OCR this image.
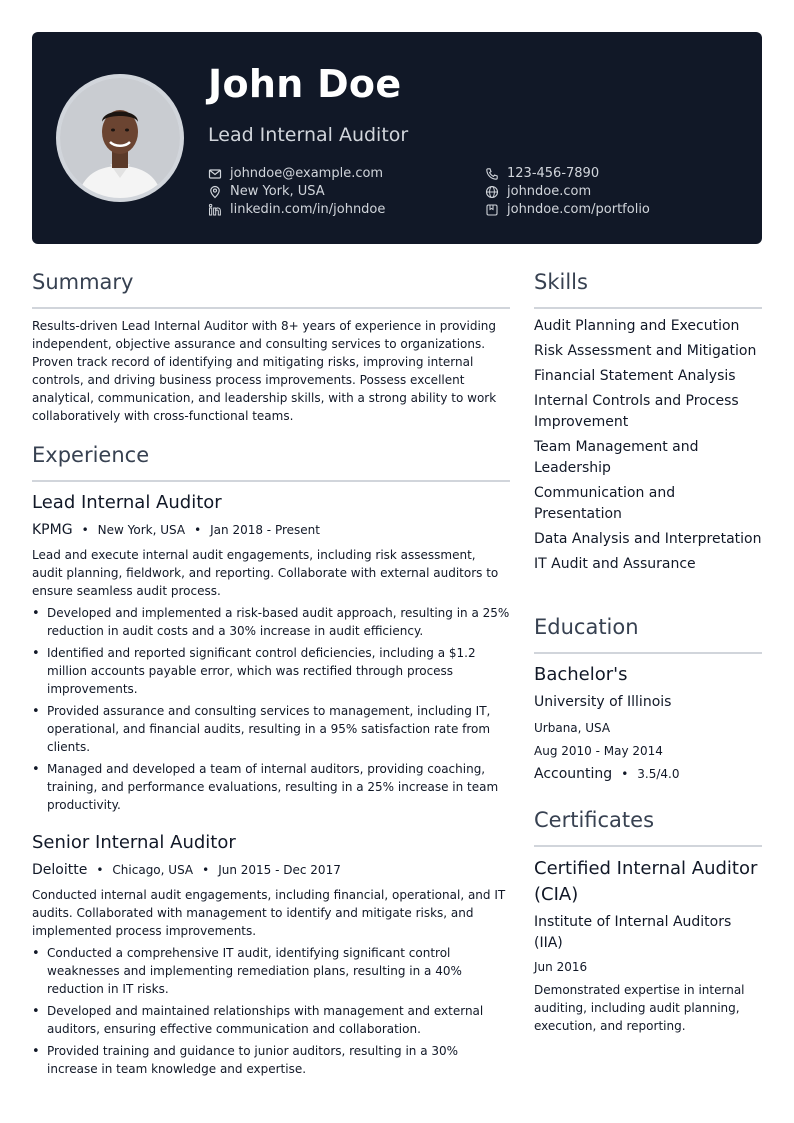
John Doe
Lead Internal Auditor
johndoe@example.com	123-456-7890
New York, USA	johndoe.com
linkedin.com/in/johndoe	johndoe.com/portfolio
Summary
Results-driven Lead Internal Auditor with 8+ years of experience in providing independent, objective assurance and consulting services to organizations. Proven track record of identifying and mitigating risks, improving internal controls, and driving business process improvements. Possess excellent analytical, communication, and leadership skills, with a strong ability to work collaboratively with cross-functional teams.
Experience
Lead Internal Auditor
KPMG • New York, USA • Jan 2018 - Present
Lead and execute internal audit engagements, including risk assessment, audit planning, fieldwork, and reporting. Collaborate with external auditors to ensure seamless audit process.
• Developed and implemented a risk-based audit approach, resulting in a 25% reduction in audit costs and a 30% increase in audit efficiency.
• Identified and reported significant control deficiencies, including a $1.2 million accounts payable error, which was rectified through process improvements.
• Provided assurance and consulting services to management, including IT, operational, and financial audits, resulting in a 95% satisfaction rate from clients.
• Managed and developed a team of internal auditors, providing coaching, training, and performance evaluations, resulting in a 25% increase in team productivity.
Senior Internal Auditor
Deloitte • Chicago, USA • Jun 2015 - Dec 2017
Conducted internal audit engagements, including financial, operational, and IT audits. Collaborated with management to identify and mitigate risks, and implemented process improvements.
• Conducted a comprehensive IT audit, identifying significant control weaknesses and implementing remediation plans, resulting in a 40% reduction in IT risks.
• Developed and maintained relationships with management and external auditors, ensuring effective communication and collaboration.
• Provided training and guidance to junior auditors, resulting in a 30% increase in team knowledge and expertise.
Skills
Audit Planning and Execution
Risk Assessment and Mitigation
Financial Statement Analysis
Internal Controls and Process Improvement
Team Management and Leadership
Communication and Presentation
Data Analysis and Interpretation
IT Audit and Assurance
Education
Bachelor's
University of Illinois
Urbana, USA
Aug 2010 - May 2014
Accounting • 3.5/4.0
Certificates
Certified Internal Auditor (CIA)
Institute of Internal Auditors (IIA)
Jun 2016
Demonstrated expertise in internal auditing, including audit planning, execution, and reporting.
